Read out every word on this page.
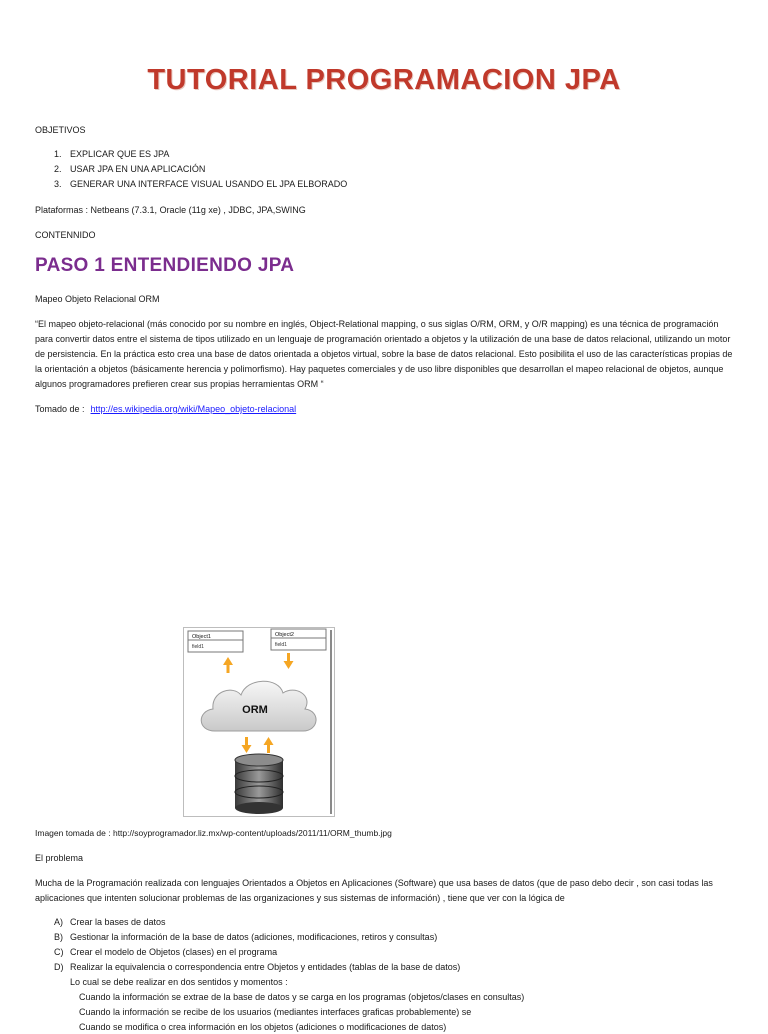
TUTORIAL PROGRAMACION JPA
OBJETIVOS
1. EXPLICAR QUE ES JPA
2. USAR JPA EN UNA APLICACIÓN
3. GENERAR UNA INTERFACE VISUAL USANDO EL JPA ELBORADO
Plataformas : Netbeans (7.3.1, Oracle (11g xe) , JDBC, JPA,SWING
CONTENNIDO
PASO 1 ENTENDIENDO JPA
Mapeo Objeto Relacional ORM
“El mapeo objeto-relacional (más conocido por su nombre en inglés, Object-Relational mapping, o sus siglas O/RM, ORM, y O/R mapping) es una técnica de programación para convertir datos entre el sistema de tipos utilizado en un lenguaje de programación orientado a objetos y la utilización de una base de datos relacional, utilizando un motor de persistencia. En la práctica esto crea una base de datos orientada a objetos virtual, sobre la base de datos relacional. Esto posibilita el uso de las características propias de la orientación a objetos (básicamente herencia y polimorfismo). Hay paquetes comerciales y de uso libre disponibles que desarrollan el mapeo relacional de objetos, aunque algunos programadores prefieren crear sus propias herramientas ORM “
Tomado de : http://es.wikipedia.org/wiki/Mapeo_objeto-relacional
Object1
field1
Object2
field1
ORM
Imagen tomada de : http://soyprogramador.liz.mx/wp-content/uploads/2011/11/ORM_thumb.jpg
El problema
Mucha de la Programación realizada con lenguajes Orientados a Objetos en Aplicaciones (Software) que usa bases de datos (que de paso debo decir , son casi todas las aplicaciones que intenten solucionar problemas de las organizaciones y sus sistemas de información) , tiene que ver con la lógica de
A) Crear la bases de datos
B) Gestionar la información de la base de datos (adiciones, modificaciones, retiros y consultas)
C) Crear el modelo de Objetos (clases) en el programa
D) Realizar la equivalencia o correspondencia entre Objetos y entidades (tablas de la base de datos)
Lo cual se debe realizar en dos sentidos y momentos :
Cuando la información se extrae de la base de datos y se carga en los programas (objetos/clases en consultas)
Cuando la información se recibe de los usuarios (mediantes interfaces graficas probablemente) se
Cuando se modifica o crea información en los objetos (adiciones o modificaciones de datos)
